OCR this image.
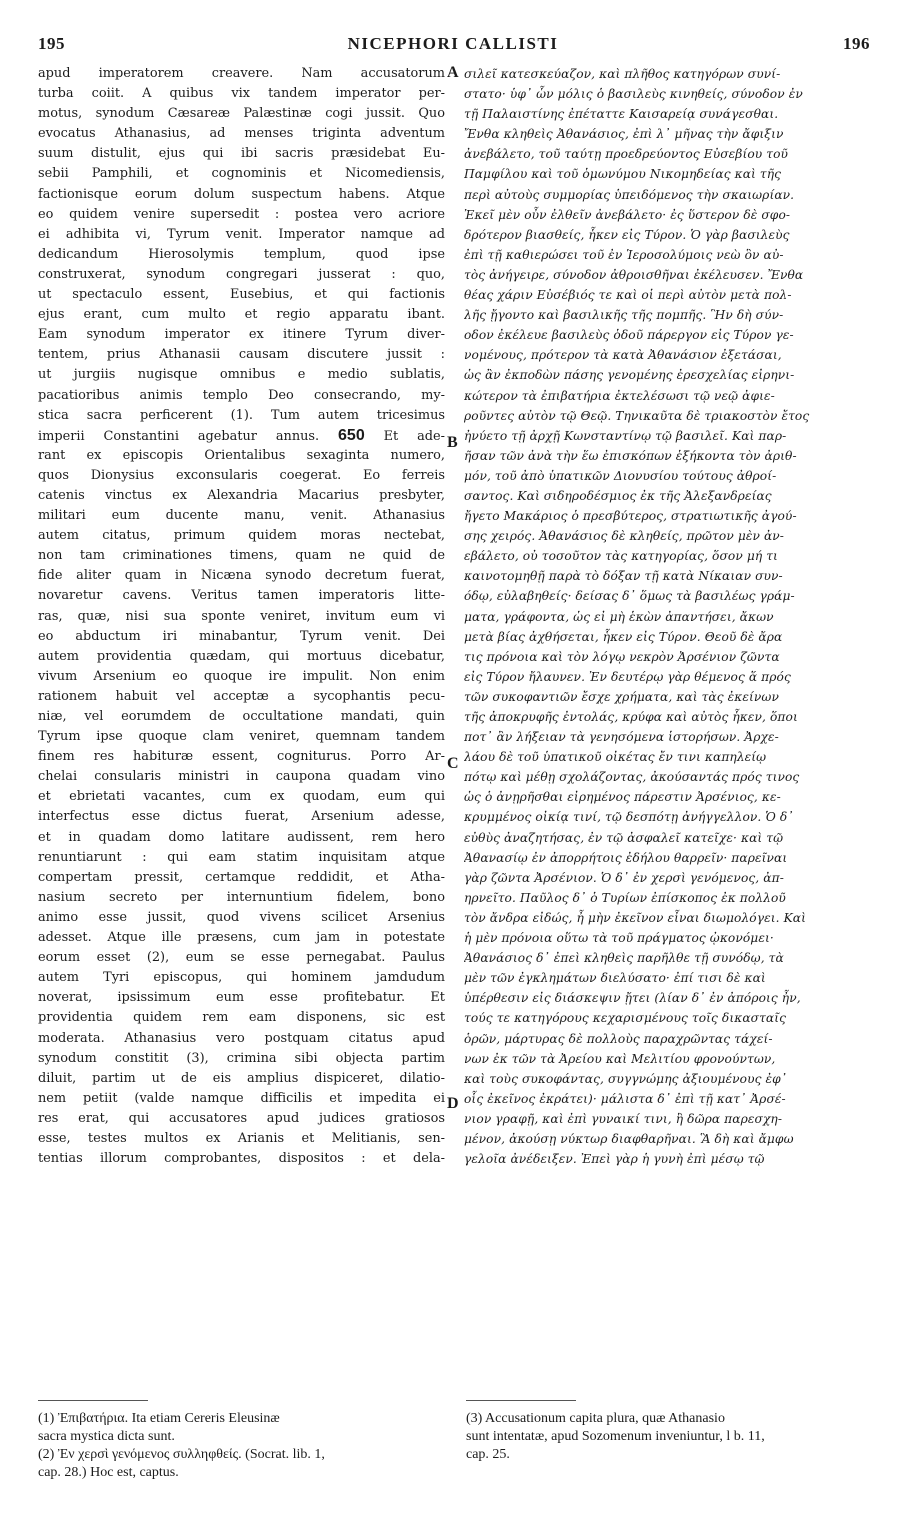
195	NICEPHORI CALLISTI	196
apud imperatorem creavere. Nam accusatorum
turba coiit. A quibus vix tandem imperator per-
motus, synodum Cæsareæ Palæstinæ cogi jussit. Quo
evocatus Athanasius, ad menses triginta adventum
suum distulit, ejus qui ibi sacris præsidebat Eu-
sebii Pamphili, et cognominis et Nicomediensis,
factionisque eorum dolum suspectum habens. Atque
eo quidem venire supersedit : postea vero acriore
ei adhibita vi, Tyrum venit. Imperator namque ad
dedicandum Hierosolymis templum, quod ipse
construxerat, synodum congregari jusserat : quo,
ut spectaculo essent, Eusebius, et qui factionis
ejus erant, cum multo et regio apparatu ibant.
Eam synodum imperator ex itinere Tyrum diver-
tentem, prius Athanasii causam discutere jussit :
ut jurgiis nugisque omnibus e medio sublatis,
pacatioribus animis templo Deo consecrando, my-
stica sacra perficerent (1). Tum autem tricesimus
imperii Constantini agebatur annus. 650 Et ade-
rant ex episcopis Orientalibus sexaginta numero,
quos Dionysius exconsularis coegerat. Eo ferreis
catenis vinctus ex Alexandria Macarius presbyter,
militari eum ducente manu, venit. Athanasius
autem citatus, primum quidem moras nectebat,
non tam criminationes timens, quam ne quid de
fide aliter quam in Nicæna synodo decretum fuerat,
novaretur cavens. Veritus tamen imperatoris litte-
ras, quæ, nisi sua sponte veniret, invitum eum vi
eo abductum iri minabantur, Tyrum venit. Dei
autem providentia quædam, qui mortuus dicebatur,
vivum Arsenium eo quoque ire impulit. Non enim
rationem habuit vel acceptæ a sycophantis pecu-
niæ, vel eorumdem de occultatione mandati, quin
Tyrum ipse quoque clam veniret, quemnam tandem
finem res habituræ essent, cogniturus. Porro Ar-
chelai consularis ministri in caupona quadam vino
et ebrietati vacantes, cum ex quodam, eum qui
interfectus esse dictus fuerat, Arsenium adesse,
et in quadam domo latitare audissent, rem hero
renuntiarunt : qui eam statim inquisitam atque
compertam pressit, certamque reddidit, et Atha-
nasium secreto per internuntium fidelem, bono
animo esse jussit, quod vivens scilicet Arsenius
adesset. Atque ille præsens, cum jam in potestate
eorum esset (2), eum se esse pernegabat. Paulus
autem Tyri episcopus, qui hominem jamdudum
noverat, ipsissimum eum esse profitebatur. Et
providentia quidem rem eam disponens, sic est
moderata. Athanasius vero postquam citatus apud
synodum constitit (3), crimina sibi objecta partim
diluit, partim ut de eis amplius dispiceret, dilatio-
nem petiit (valde namque difficilis et impedita ei
res erat, qui accusatores apud judices gratiosos
esse, testes multos ex Arianis et Melitianis, sen-
tentias illorum comprobantes, dispositos : et dela-
σιλεῖ κατεσκεύαζον, καὶ πλῆθος κατηγόρων συνί-
στατο· ὑφ᾽ ὧν μόλις ὁ βασιλεὺς κινηθείς, σύνοδον ἐν
τῇ Παλαιστίνης ἐπέταττε Καισαρείᾳ συνάγεσθαι.
Ἔνθα κληθεὶς Ἀθανάσιος, ἐπὶ λ᾽ μῆνας τὴν ἄφιξιν
ἀνεβάλετο, τοῦ ταύτῃ προεδρεύοντος Εὐσεβίου τοῦ
Παμφίλου καὶ τοῦ ὁμωνύμου Νικομηδείας καὶ τῆς
περὶ αὐτοὺς συμμορίας ὑπειδόμενος τὴν σκαιωρίαν.
Ἐκεῖ μὲν οὖν ἐλθεῖν ἀνεβάλετο· ἐς ὕστερον δὲ σφο-
δρότερον βιασθείς, ἧκεν εἰς Τύρον. Ὁ γὰρ βασιλεὺς
ἐπὶ τῇ καθιερώσει τοῦ ἐν Ἱεροσολύμοις νεὼ ὃν αὐ-
τὸς ἀνήγειρε, σύνοδον ἀθροισθῆναι ἐκέλευσεν. Ἔνθα
θέας χάριν Εὐσέβιός τε καὶ οἱ περὶ αὐτὸν μετὰ πολ-
λῆς ᾔγοντο καὶ βασιλικῆς τῆς πομπῆς. Ἣν δὴ σύν-
οδον ἐκέλευε βασιλεὺς ὁδοῦ πάρεργον εἰς Τύρον γε-
νομένους, πρότερον τὰ κατὰ Ἀθανάσιον ἐξετάσαι,
ὡς ἂν ἐκποδὼν πάσης γενομένης ἐρεσχελίας εἰρηνι-
κώτερον τὰ ἐπιβατήρια ἐκτελέσωσι τῷ νεῷ ἀφιε-
ροῦντες αὐτὸν τῷ Θεῷ. Τηνικαῦτα δὲ τριακοστὸν ἔτος
ἠνύετο τῇ ἀρχῇ Κωνσταντίνῳ τῷ βασιλεῖ. Καὶ παρ-
ῆσαν τῶν ἀνὰ τὴν ἕω ἐπισκόπων ἑξήκοντα τὸν ἀριθ-
μόν, τοῦ ἀπὸ ὑπατικῶν Διονυσίου τούτους ἀθροί-
σαντος. Καὶ σιδηροδέσμιος ἐκ τῆς Ἀλεξανδρείας
ἤγετο Μακάριος ὁ πρεσβύτερος, στρατιωτικῆς ἀγού-
σης χειρός. Ἀθανάσιος δὲ κληθείς, πρῶτον μὲν ἀν-
εβάλετο, οὐ τοσοῦτον τὰς κατηγορίας, ὅσον μή τι
καινοτομηθῇ παρὰ τὸ δόξαν τῇ κατὰ Νίκαιαν συν-
όδῳ, εὐλαβηθείς· δείσας δ᾽ ὅμως τὰ βασιλέως γράμ-
ματα, γράφοντα, ὡς εἰ μὴ ἑκὼν ἀπαντήσει, ἄκων
μετὰ βίας ἀχθήσεται, ἧκεν εἰς Τύρον. Θεοῦ δὲ ἄρα
τις πρόνοια καὶ τὸν λόγῳ νεκρὸν Ἀρσένιον ζῶντα
εἰς Τύρον ἤλαυνεν. Ἐν δευτέρῳ γὰρ θέμενος ἅ πρός
τῶν συκοφαντιῶν ἔσχε χρήματα, καὶ τὰς ἐκείνων
τῆς ἀποκρυφῆς ἐντολάς, κρύφα καὶ αὐτὸς ἧκεν, ὅποι
ποτ᾽ ἂν λήξειαν τὰ γενησόμενα ἱστορήσων. Ἀρχε-
λάου δὲ τοῦ ὑπατικοῦ οἰκέτας ἔν τινι καπηλείῳ
πότῳ καὶ μέθῃ σχολάζοντας, ἀκούσαντάς πρός τινος
ὡς ὁ ἀνῃρῆσθαι εἰρημένος πάρεστιν Ἀρσένιος, κε-
κρυμμένος οἰκίᾳ τινί, τῷ δεσπότῃ ἀνήγγελλον. Ὁ δ᾽
εὐθὺς ἀναζητήσας, ἐν τῷ ἀσφαλεῖ κατεῖχε· καὶ τῷ
Ἀθανασίῳ ἐν ἀπορρήτοις ἐδήλου θαρρεῖν· παρεῖναι
γὰρ ζῶντα Ἀρσένιον. Ὁ δ᾽ ἐν χερσὶ γενόμενος, ἀπ-
ηρνεῖτο. Παῦλος δ᾽ ὁ Τυρίων ἐπίσκοπος ἐκ πολλοῦ
τὸν ἄνδρα εἰδώς, ἦ μὴν ἐκεῖνον εἶναι διωμολόγει. Καὶ
ἡ μὲν πρόνοια οὕτω τὰ τοῦ πράγματος ᾠκονόμει·
Ἀθανάσιος δ᾽ ἐπεὶ κληθεὶς παρῆλθε τῇ συνόδῳ, τὰ
μὲν τῶν ἐγκλημάτων διελύσατο· ἐπί τισι δὲ καὶ
ὑπέρθεσιν εἰς διάσκεψιν ᾔτει (λίαν δ᾽ ἐν ἀπόροις ἦν,
τούς τε κατηγόρους κεχαρισμένους τοῖς δικασταῖς
ὁρῶν, μάρτυρας δὲ πολλοὺς παραχρῶντας τάχεί-
νων ἐκ τῶν τὰ Ἀρείου καὶ Μελιτίου φρονούντων,
καὶ τοὺς συκοφάντας, συγγνώμης ἀξιουμένους ἐφ᾽
οἷς ἐκεῖνος ἐκράτει)· μάλιστα δ᾽ ἐπὶ τῇ κατ᾽ Ἀρσέ-
νιον γραφῇ, καὶ ἐπὶ γυναικί τινι, ἣ δῶρα παρεσχη-
μένον, ἀκούσῃ νύκτωρ διαφθαρῆναι. Ἃ δὴ καὶ ἄμφω
γελοῖα ἀνέδειξεν. Ἐπεὶ γὰρ ἡ γυνὴ ἐπὶ μέσῳ τῷ
A
B
C
D
(1) Ἐπιβατήρια. Ita etiam Cereris Eleusinæ
sacra mystica dicta sunt.
(2) Ἐν χερσὶ γενόμενος συλληφθείς. (Socrat. lib. 1,
cap. 28.) Hoc est, captus.
(3) Accusationum capita plura, quæ Athanasio
sunt intentatæ, apud Sozomenum inveniuntur, l b. 11,
cap. 25.
